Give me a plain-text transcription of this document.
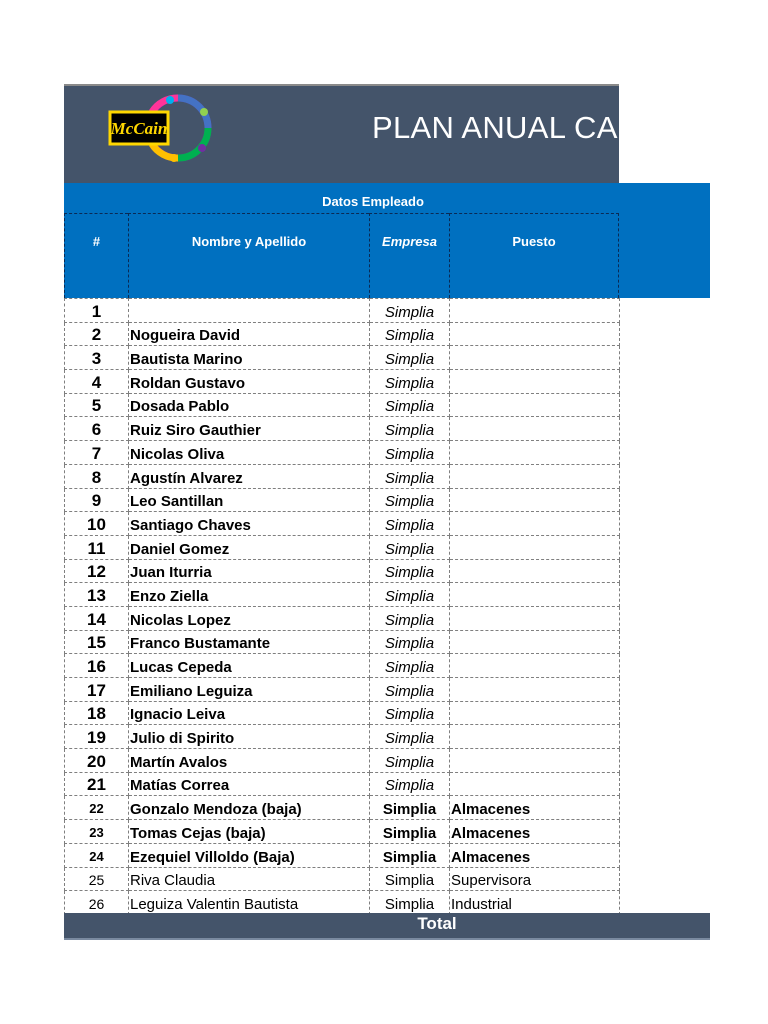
McCain	PLAN ANUAL CAP
Datos Empleado
#	Nombre y Apellido	Empresa	Puesto
1		Simplia	
2	Nogueira David	Simplia	
3	Bautista Marino	Simplia	
4	Roldan Gustavo	Simplia	
5	Dosada Pablo	Simplia	
6	Ruiz Siro Gauthier	Simplia	
7	Nicolas Oliva	Simplia	
8	Agustín Alvarez	Simplia	
9	Leo Santillan	Simplia	
10	Santiago Chaves	Simplia	
11	Daniel Gomez	Simplia	
12	Juan Iturria	Simplia	
13	Enzo Ziella	Simplia	
14	Nicolas Lopez	Simplia	
15	Franco Bustamante	Simplia	
16	Lucas Cepeda	Simplia	
17	Emiliano Leguiza	Simplia	
18	Ignacio Leiva	Simplia	
19	Julio di Spirito	Simplia	
20	Martín Avalos	Simplia	
21	Matías Correa	Simplia	
22	Gonzalo Mendoza (baja)	Simplia	Almacenes
23	Tomas Cejas (baja)	Simplia	Almacenes
24	Ezequiel Villoldo (Baja)	Simplia	Almacenes
25	Riva Claudia	Simplia	Supervisora
26	Leguiza Valentin Bautista	Simplia	Industrial
Total
